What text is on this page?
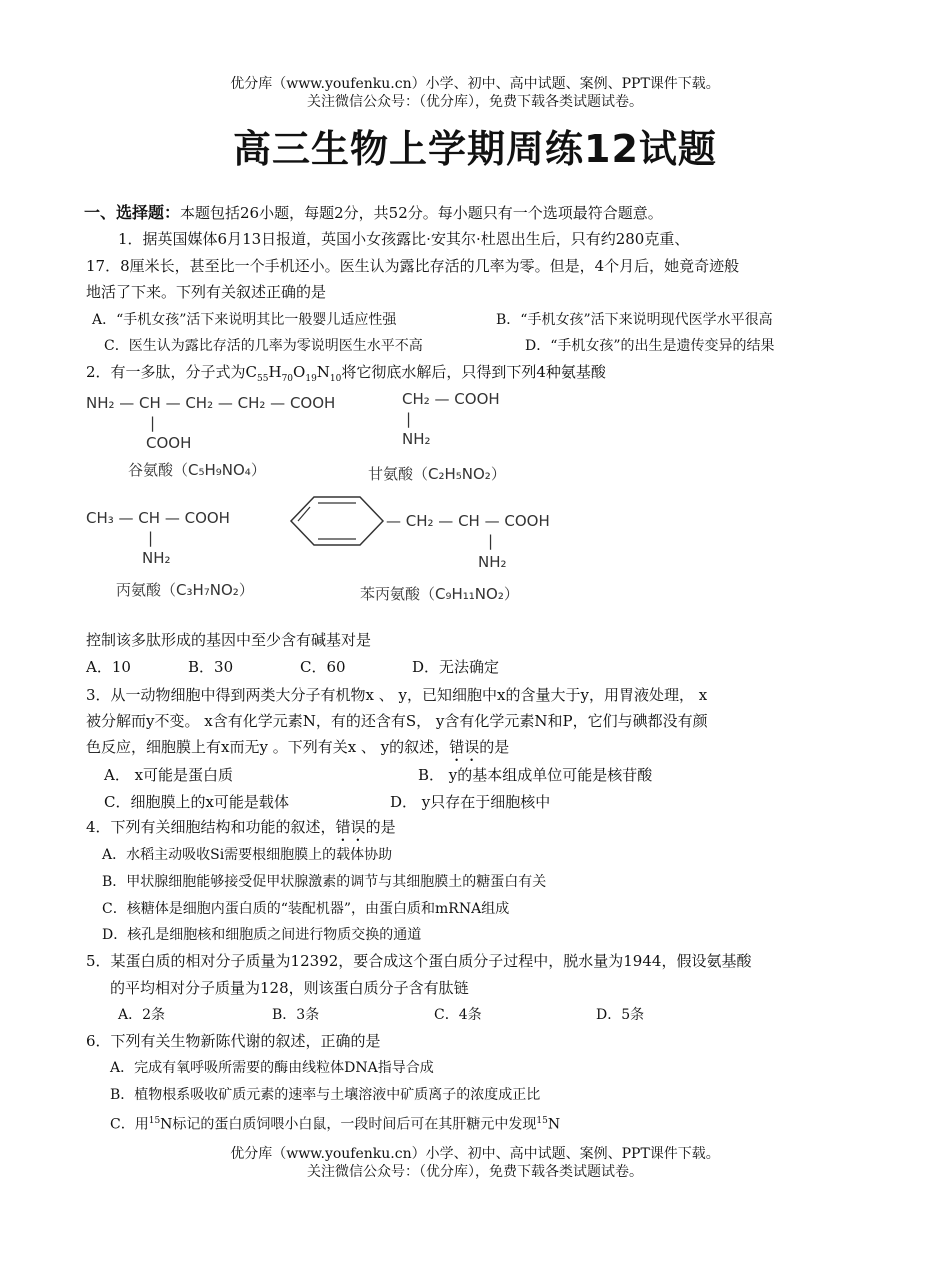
优分库（www.youfenku.cn）小学、初中、高中试题、案例、PPT课件下载。
关注微信公众号：（优分库），免费下载各类试题试卷。
高三生物上学期周练12试题
一、选择题：本题包括26小题，每题2分，共52分。每小题只有一个选项最符合题意。
1．据英国媒体6月13日报道，英国小女孩露比·安其尔·杜恩出生后，只有约280克重、
17．8厘米长，甚至比一个手机还小。医生认为露比存活的几率为零。但是，4个月后，她竟奇迹般
地活了下来。下列有关叙述正确的是
A．“手机女孩”活下来说明其比一般婴儿适应性强	B．“手机女孩”活下来说明现代医学水平很高
C．医生认为露比存活的几率为零说明医生水平不高	D．“手机女孩”的出生是遗传变异的结果
2．有一多肽，分子式为$C_{55}H_{70}O_{19}N_{10}$将它彻底水解后，只得到下列4种氨基酸
NH₂ — CH — CH₂ — CH₂ — COOH
|
COOH
谷氨酸（C₅H₉NO₄）
CH₂ — COOH
|
NH₂
甘氨酸（C₂H₅NO₂）
CH₃ — CH — COOH
|
NH₂
丙氨酸（C₃H₇NO₂）
— CH₂ — CH — COOH
|
NH₂
苯丙氨酸（C₉H₁₁NO₂）
控制该多肽形成的基因中至少含有碱基对是
A．10	B．30	C．60	D．无法确定
3．从一动物细胞中得到两类大分子有机物x 、 y，已知细胞中x的含量大于y，用胃液处理， x
被分解而y不变。 x含有化学元素N，有的还含有S， y含有化学元素N和P，它们与碘都没有颜
色反应，细胞膜上有x而无y 。下列有关x 、 y的叙述，错误的是
A． x可能是蛋白质	B． y的基本组成单位可能是核苷酸
C．细胞膜上的x可能是载体	D． y只存在于细胞核中
4．下列有关细胞结构和功能的叙述，错误的是
A．水稻主动吸收Si需要根细胞膜上的载体协助
B．甲状腺细胞能够接受促甲状腺激素的调节与其细胞膜土的糖蛋白有关
C．核糖体是细胞内蛋白质的“装配机器”，由蛋白质和mRNA组成
D．核孔是细胞核和细胞质之间进行物质交换的通道
5．某蛋白质的相对分子质量为12392，要合成这个蛋白质分子过程中，脱水量为1944，假设氨基酸
的平均相对分子质量为128，则该蛋白质分子含有肽链
A．2条	B．3条	C．4条	D．5条
6．下列有关生物新陈代谢的叙述，正确的是
A．完成有氧呼吸所需要的酶由线粒体DNA指导合成
B．植物根系吸收矿质元素的速率与土壤溶液中矿质离子的浓度成正比
C．用$^{15}$N标记的蛋白质饲喂小白鼠，一段时间后可在其肝糖元中发现$^{15}$N
优分库（www.youfenku.cn）小学、初中、高中试题、案例、PPT课件下载。
关注微信公众号：（优分库），免费下载各类试题试卷。
